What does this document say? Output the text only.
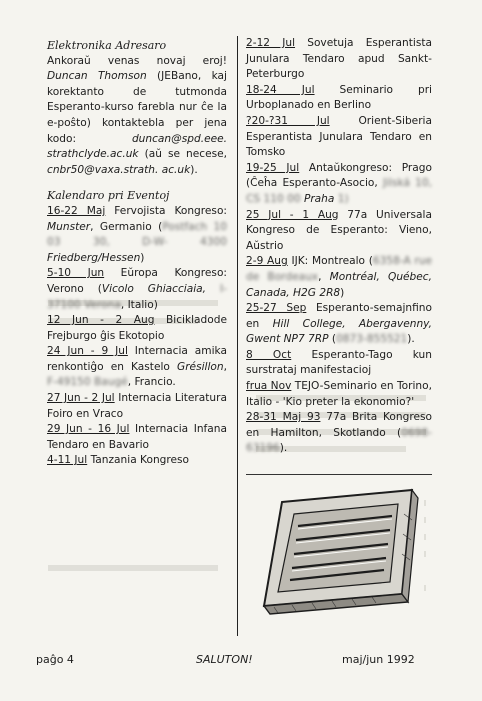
Elektronika Adresaro

Ankoraŭ venas novaj eroj! Duncan Thomson (JEBano, kaj korektanto de tutmonda Esperanto-kurso farebla nur ĉe la e-poŝto) kontaktebla per jena kodo: duncan@spd.eee. strathclyde.ac.uk (aŭ se necese, cnbr50@vaxa.strath. ac.uk).

Kalendaro pri Eventoj

16-22 Maj Fervojista Kongreso: Munster, Germanio (Postfach 10 03 30, D-W-	4300 Friedberg/Hessen)

5-10 Jun Eŭropa Kongreso: Verono (Vicolo Ghiacciaia, I-37100 Verona, Italio)

12 Jun - 2 Aug Bicikladode Frejburgo ĝis Ekotopio

24 Jun - 9 Jul Internacia amika renkontiĝo en Kastelo Grésillon, F-49150 Baugé, Francio.

27 Jun - 2 Jul Internacia Literatura Foiro en Vraco

29 Jun - 16 Jul Internacia Infana Tendaro en Bavario

4-11 Jul Tanzania Kongreso

2-12 Jul Sovetuja Esperantista Junulara Tendaro apud Sankt-Peterburgo

18-24 Jul Seminario pri Urboplanado en Berlino

?20-?31 Jul Orient-Siberia Esperantista Junulara Tendaro en Tomsko

19-25 Jul Antaŭkongreso: Prago (Ĉeĥa Esperanto-Asocio, Jilská 10, CS 110 00 Praha 1)

25 Jul - 1 Aug 77a Universala Kongreso de Esperanto: Vieno, Aŭstrio

2-9 Aug IJK: Montrealo (6358-A rue de Bordeaux, Montréal, Québec, Canada, H2G 2R8)

25-27 Sep Esperanto-semajnfino en Hill College, Abergavenny, Gwent NP7 7RP (0873-855521).

8 Oct Esperanto-Tago kun surstrataj manifestacioj

frua Nov TEJO-Seminario en Torino, Italio - 'Kio preter la ekonomio?'

28-31 Maj 93 77a Brita Kongreso en Hamilton, Skotlando (0698-63196).

paĝo 4	SALUTON!	maj/jun 1992
